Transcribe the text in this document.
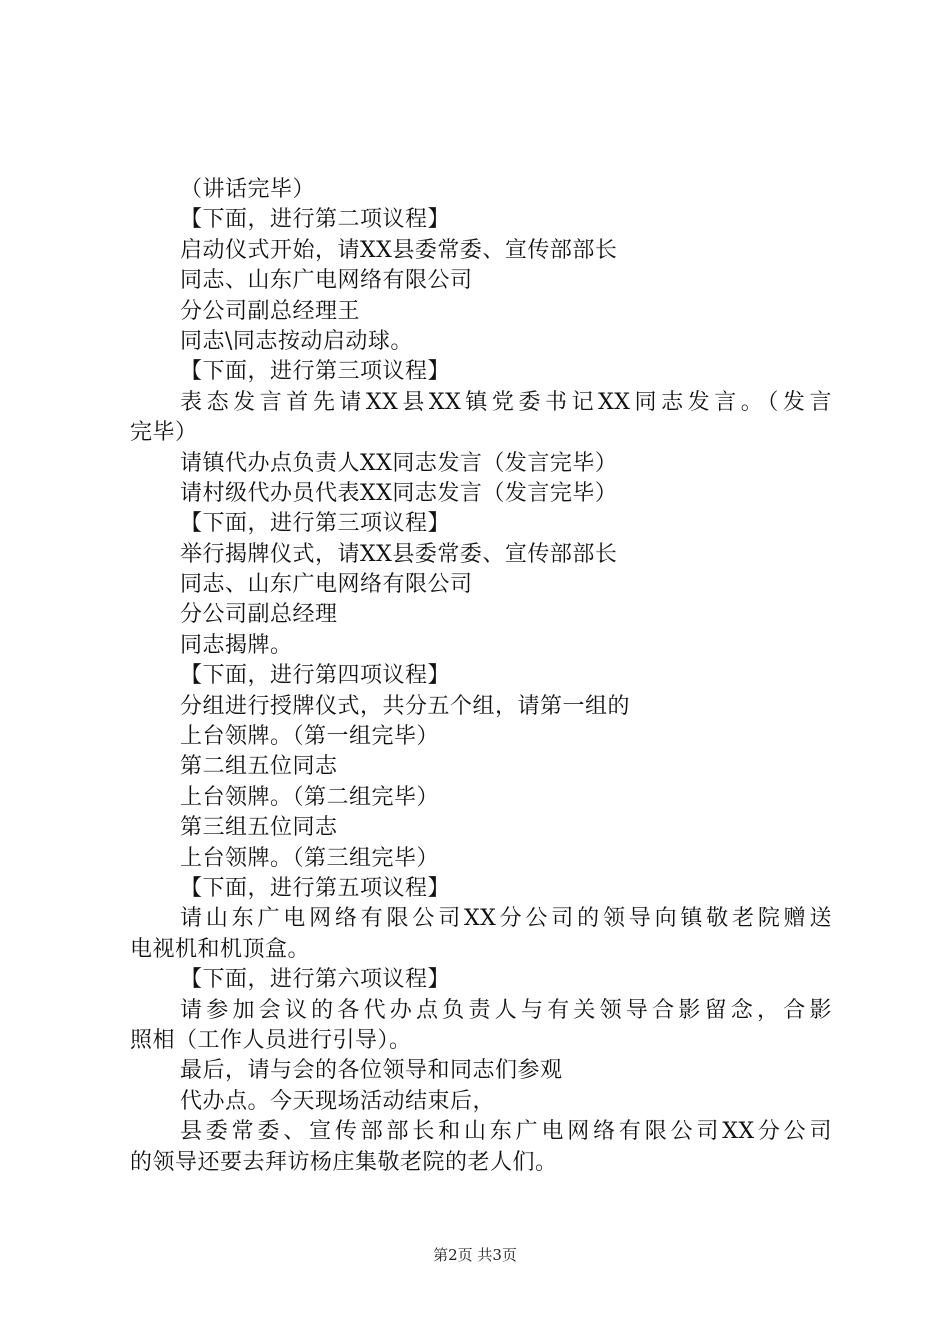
（讲话完毕）
【下面，进行第二项议程】
启动仪式开始，请XX县委常委、宣传部部长
同志、山东广电网络有限公司
分公司副总经理王
同志\同志按动启动球。
【下面，进行第三项议程】
表态发言首先请XX县XX镇党委书记XX同志发言。（发言
完毕）
请镇代办点负责人XX同志发言（发言完毕）
请村级代办员代表XX同志发言（发言完毕）
【下面，进行第三项议程】
举行揭牌仪式，请XX县委常委、宣传部部长
同志、山东广电网络有限公司
分公司副总经理
同志揭牌。
【下面，进行第四项议程】
分组进行授牌仪式，共分五个组，请第一组的
上台领牌。（第一组完毕）
第二组五位同志
上台领牌。（第二组完毕）
第三组五位同志
上台领牌。（第三组完毕）
【下面，进行第五项议程】
请山东广电网络有限公司XX分公司的领导向镇敬老院赠送
电视机和机顶盒。
【下面，进行第六项议程】
请参加会议的各代办点负责人与有关领导合影留念，合影
照相（工作人员进行引导）。
最后，请与会的各位领导和同志们参观
代办点。今天现场活动结束后，
县委常委、宣传部部长和山东广电网络有限公司XX分公司
的领导还要去拜访杨庄集敬老院的老人们。
第2页 共3页
